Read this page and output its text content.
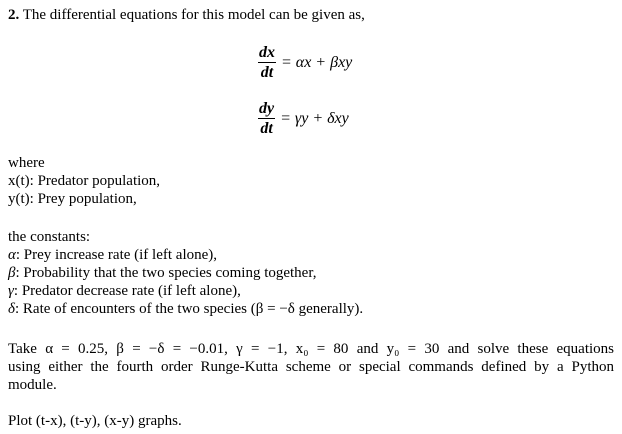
2. The differential equations for this model can be given as,
$\frac{dx}{dt} = \alpha x + \beta xy$
$\frac{dy}{dt} = \gamma y + \delta xy$
where
x(t): Predator population,
y(t): Prey population,
the constants:
α: Prey increase rate (if left alone),
β: Probability that the two species coming together,
γ: Predator decrease rate (if left alone),
δ: Rate of encounters of the two species (β = −δ generally).
Take α = 0.25, β = −δ = −0.01, γ = −1, x₀ = 80 and y₀ = 30 and solve these equations
using either the fourth order Runge-Kutta scheme or special commands defined by a Python
module.
Plot (t-x), (t-y), (x-y) graphs.
